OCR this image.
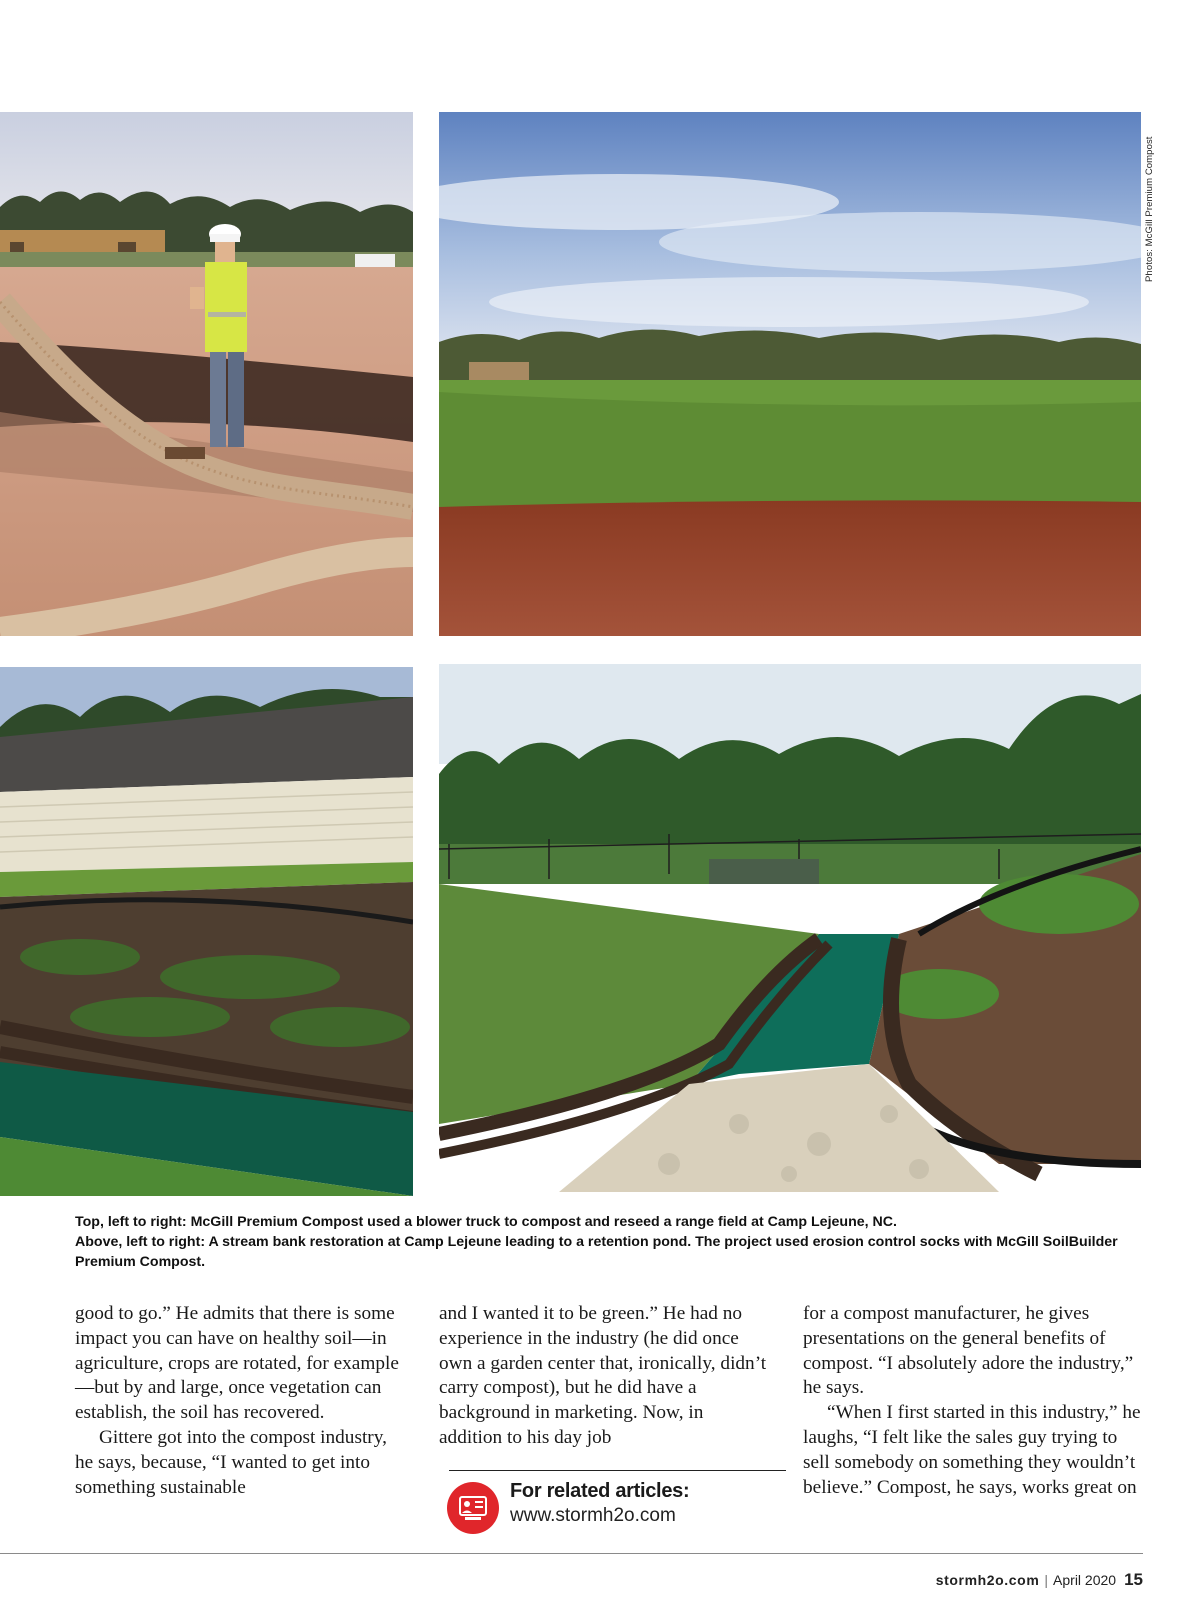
Photos: McGill Premium Compost

Top, left to right: McGill Premium Compost used a blower truck to compost and reseed a range field at Camp Lejeune, NC.

Above, left to right: A stream bank restoration at Camp Lejeune leading to a retention pond. The project used erosion control socks with McGill SoilBuilder Premium Compost.

good to go.” He admits that there is some impact you can have on healthy soil—in agriculture, crops are rotated, for example—but by and large, once vegetation can establish, the soil has recovered.

Gittere got into the compost industry, he says, because, “I wanted to get into something sustainable

and I wanted it to be green.” He had no experience in the industry (he did once own a garden center that, ironically, didn’t carry compost), but he did have a background in marketing. Now, in addition to his day job

for a compost manufacturer, he gives presentations on the general benefits of compost. “I absolutely adore the industry,” he says.

“When I first started in this industry,” he laughs, “I felt like the sales guy trying to sell somebody on something they wouldn’t believe.” Compost, he says, works great on

For related articles:
www.stormh2o.com
stormh2o.com | April 2020 15
